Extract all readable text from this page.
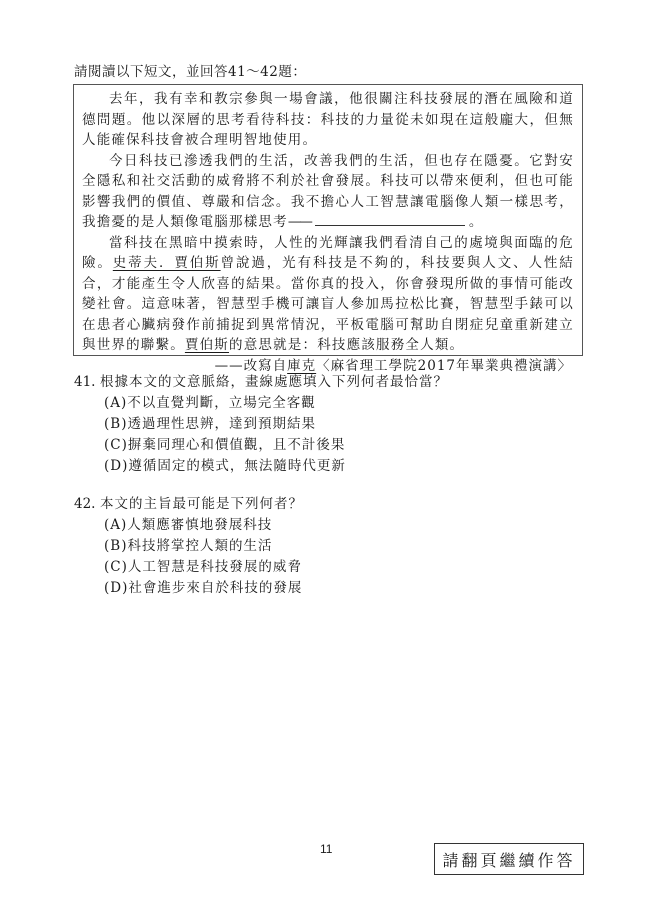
請閱讀以下短文，並回答41～42題：

去年，我有幸和教宗參與一場會議，他很關注科技發展的潛在風險和道德問題。他以深層的思考看待科技：科技的力量從未如現在這般龐大，但無人能確保科技會被合理明智地使用。

今日科技已滲透我們的生活，改善我們的生活，但也存在隱憂。它對安全隱私和社交活動的威脅將不利於社會發展。科技可以帶來便利，但也可能影響我們的價值、尊嚴和信念。我不擔心人工智慧讓電腦像人類一樣思考，我擔憂的是人類像電腦那樣思考——	。

當科技在黑暗中摸索時，人性的光輝讓我們看清自己的處境與面臨的危險。史蒂夫．賈伯斯曾說過，光有科技是不夠的，科技要與人文、人性結合，才能產生令人欣喜的結果。當你真的投入，你會發現所做的事情可能改變社會。這意味著，智慧型手機可讓盲人參加馬拉松比賽，智慧型手錶可以在患者心臟病發作前捕捉到異常情況，平板電腦可幫助自閉症兒童重新建立與世界的聯繫。賈伯斯的意思就是：科技應該服務全人類。

——改寫自庫克〈麻省理工學院2017年畢業典禮演講〉
41. 根據本文的文意脈絡，畫線處應填入下列何者最恰當？
(A)不以直覺判斷，立場完全客觀
(B)透過理性思辨，達到預期結果
(C)摒棄同理心和價值觀，且不計後果
(D)遵循固定的模式，無法隨時代更新
42. 本文的主旨最可能是下列何者？
(A)人類應審慎地發展科技
(B)科技將掌控人類的生活
(C)人工智慧是科技發展的威脅
(D)社會進步來自於科技的發展
11
請翻頁繼續作答
